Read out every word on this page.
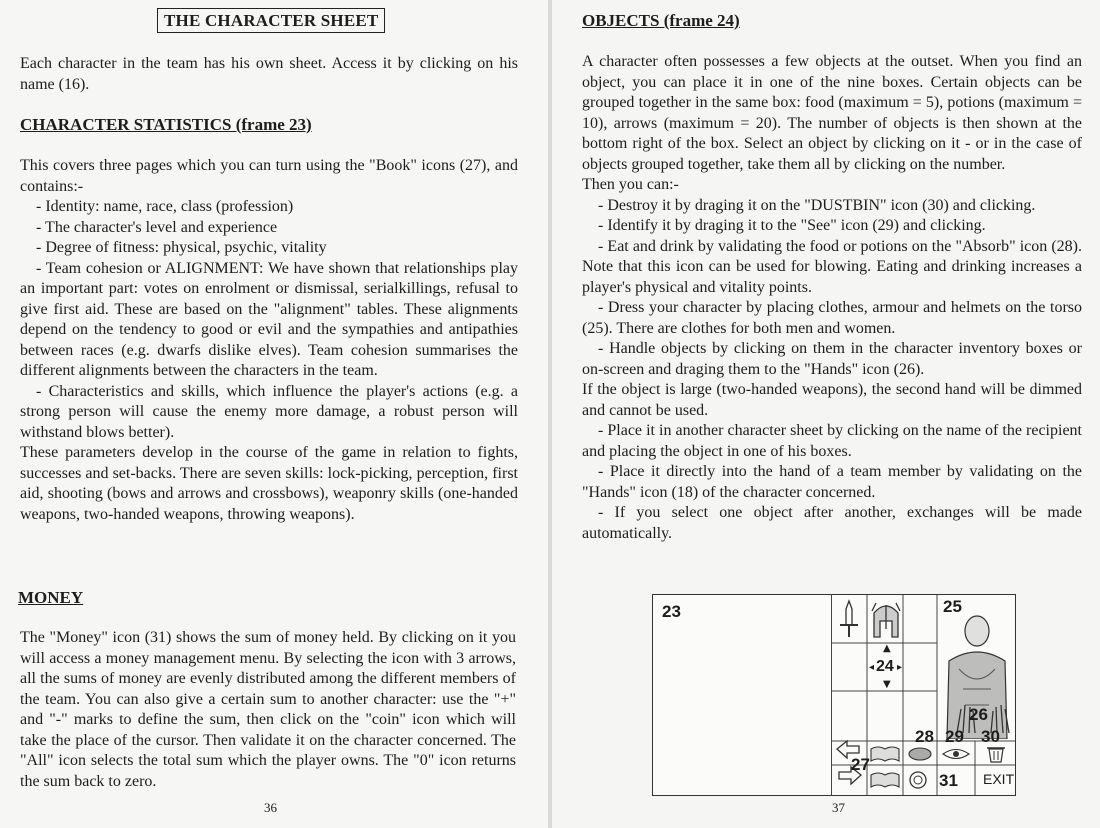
THE CHARACTER SHEET

Each character in the team has his own sheet. Access it by clicking on his name (16).

CHARACTER STATISTICS (frame 23)

This covers three pages which you can turn using the "Book" icons (27), and contains:-

- Identity: name, race, class (profession)

- The character's level and experience

- Degree of fitness: physical, psychic, vitality

- Team cohesion or ALIGNMENT: We have shown that relationships play an important part: votes on enrolment or dismissal, serialkillings, refusal to give first aid. These are based on the "alignment" tables. These alignments depend on the tendency to good or evil and the sympathies and antipathies between races (e.g. dwarfs dislike elves). Team cohesion summarises the different alignments between the characters in the team.

- Characteristics and skills, which influence the player's actions (e.g. a strong person will cause the enemy more damage, a robust person will withstand blows better).

These parameters develop in the course of the game in relation to fights, successes and set-backs. There are seven skills: lock-picking, perception, first aid, shooting (bows and arrows and crossbows), weaponry skills (one-handed weapons, two-handed weapons, throwing weapons).

MONEY

The "Money" icon (31) shows the sum of money held. By clicking on it you will access a money management menu. By selecting the icon with 3 arrows, all the sums of money are evenly distributed among the different members of the team. You can also give a certain sum to another character: use the "+" and "-" marks to define the sum, then click on the "coin" icon which will take the place of the cursor. Then validate it on the character concerned. The "All" icon selects the total sum which the player owns. The "0" icon returns the sum back to zero.

36
OBJECTS (frame 24)

A character often possesses a few objects at the outset. When you find an object, you can place it in one of the nine boxes. Certain objects can be grouped together in the same box: food (maximum = 5), potions (maximum = 10), arrows (maximum = 20). The number of objects is then shown at the bottom right of the box. Select an object by clicking on it - or in the case of objects grouped together, take them all by clicking on the number.

Then you can:-

- Destroy it by draging it on the "DUSTBIN" icon (30) and clicking.

- Identify it by draging it to the "See" icon (29) and clicking.

- Eat and drink by validating the food or potions on the "Absorb" icon (28). Note that this icon can be used for blowing. Eating and drinking increases a player's physical and vitality points.

- Dress your character by placing clothes, armour and helmets on the torso (25). There are clothes for both men and women.

- Handle objects by clicking on them in the character inventory boxes or on-screen and draging them to the "Hands" icon (26).

If the object is large (two-handed weapons), the second hand will be dimmed and cannot be used.

- Place it in another character sheet by clicking on the name of the recipient and placing the object in one of his boxes.

- Place it directly into the hand of a team member by validating on the "Hands" icon (18) of the character concerned.

- If you select one object after another, exchanges will be made automatically.

23
▲
◂ 24 ▸
▼
25
26
27
28 29 30
31 EXIT
37
